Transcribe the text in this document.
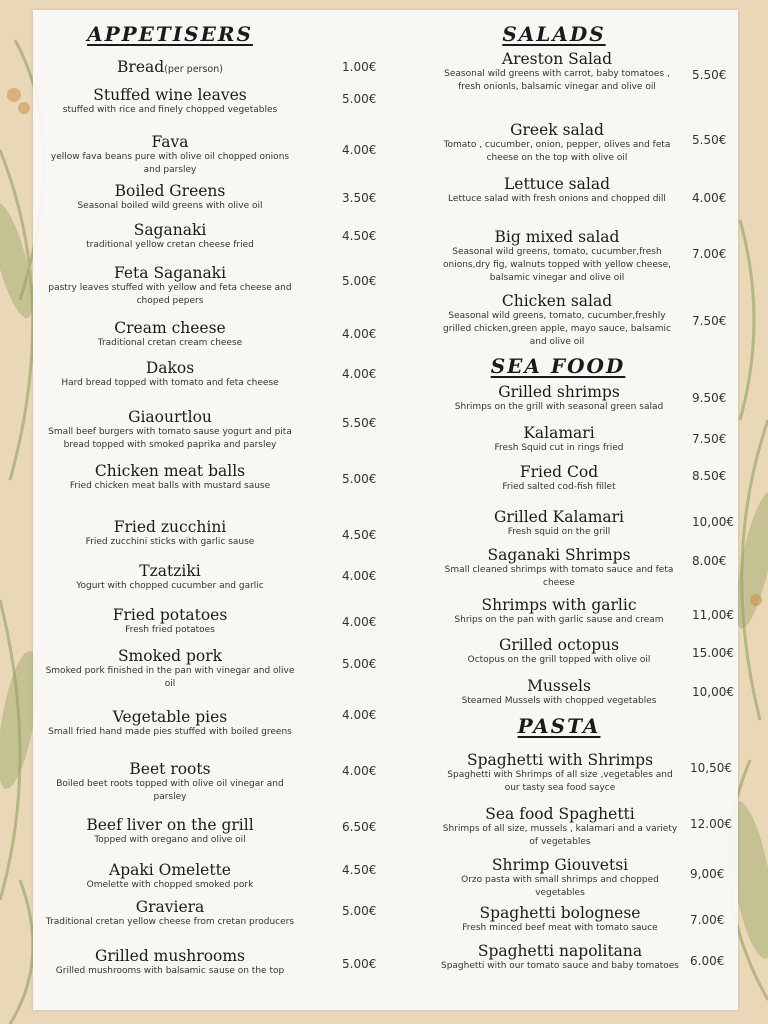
APPETISERS	SALADS
SEA FOOD
PASTA
Bread(per person)	1.00€
Stuffed wine leaves
stuffed with rice and finely chopped vegetables
5.00€
Fava
yellow fava beans pure with olive oil chopped onions and parsley
4.00€
Boiled Greens
Seasonal boiled wild greens with olive oil
3.50€
Saganaki
traditional yellow cretan cheese fried
4.50€
Feta Saganaki
pastry leaves stuffed with yellow and feta cheese and choped pepers
5.00€
Cream cheese
Traditional cretan cream cheese
4.00€
Dakos
Hard bread topped with tomato and feta cheese
4.00€
Giaourtlou
Small beef burgers with tomato sause yogurt and pita bread topped with smoked paprika and parsley
5.50€
Chicken meat balls
Fried chicken meat balls with mustard sause	5.00€
Fried zucchini
Fried zucchini sticks with garlic sause	4.50€
Tzatziki
Yogurt with chopped cucumber and garlic
4.00€
Fried potatoes
Fresh fried potatoes
4.00€
Smoked pork
Smoked pork finished in the pan with vinegar and olive oil
5.00€
Vegetable pies
Small fried hand made pies stuffed with boiled greens
4.00€
Beet roots
Boiled beet roots topped with olive oil vinegar and parsley
4.00€
Beef liver on the grill
Topped with oregano and olive oil
6.50€
Apaki Omelette
Omelette with chopped smoked pork
4.50€
Graviera
Traditional cretan yellow cheese from cretan producers
5.00€
Grilled mushrooms
Grilled mushrooms with balsamic sause on the top	5.00€
Areston Salad
Seasonal wild greens with carrot, baby tomatoes , fresh onionls, balsamic vinegar and olive oil
5.50€
Greek salad
Tomato , cucumber, onion, pepper, olives and feta cheese on the top with olive oil
5.50€
Lettuce salad
Lettuce salad with fresh onions and chopped dill	4.00€
Big mixed salad
Seasonal wild greens, tomato, cucumber,fresh onions,dry fig, walnuts topped with yellow cheese, balsamic vinegar and olive oil
7.00€
Chicken salad
Seasonal wild greens, tomato, cucumber,freshly grilled chicken,green apple, mayo sauce, balsamic and olive oil
7.50€
Grilled shrimps
Shrimps on the grill with seasonal green salad
9.50€
Kalamari
Fresh Squid cut in rings fried
7.50€
Fried Cod
Fried salted cod-fish fillet
8.50€
Grilled Kalamari
Fresh squid on the grill
10,00€
Saganaki Shrimps
Small cleaned shrimps with tomato sauce and feta cheese
8.00€
Shrimps with garlic
Shrips on the pan with garlic sause and cream	11,00€
Grilled octopus
Octopus on the grill topped with olive oil	15.00€
Mussels
Steamed Mussels with chopped vegetables
10,00€
Spaghetti with Shrimps
Spaghetti with Shrimps of all size ,vegetables and our tasty sea food sayce
10,50€
Sea food Spaghetti
Shrimps of all size, mussels , kalamari and a variety of vegetables
12.00€
Shrimp Giouvetsi
Orzo pasta with small shrimps and chopped vegetables
9,00€
Spaghetti bolognese
Fresh minced beef meat with tomato sauce
7.00€
Spaghetti napolitana
Spaghetti with our tomato sauce and baby tomatoes 6.00€
